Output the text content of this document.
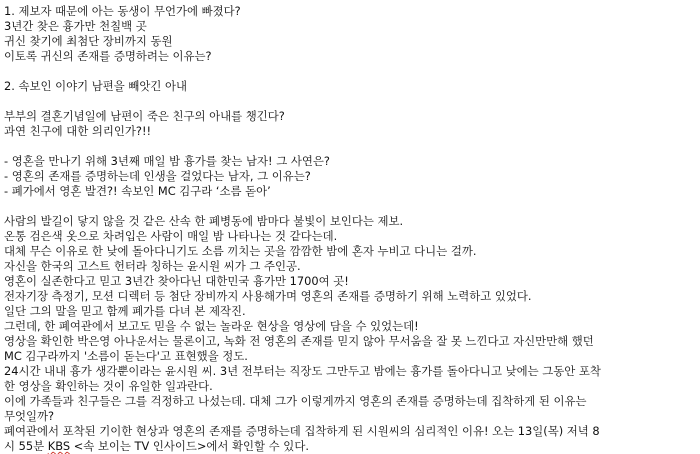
1. 제보자 때문에 아는 동생이 무언가에 빠졌다?
3년간 찾은 흉가만 천칠백 곳
귀신 찾기에 최첨단 장비까지 동원
이토록 귀신의 존재를 증명하려는 이유는?
2. 속보인 이야기 남편을 빼앗긴 아내
부부의 결혼기념일에 남편이 죽은 친구의 아내를 챙긴다?
과연 친구에 대한 의리인가?!!
- 영혼을 만나기 위해 3년째 매일 밤 흉가를 찾는 남자! 그 사연은?
- 영혼의 존재를 증명하는데 인생을 걸었다는 남자, 그 이유는?
- 폐가에서 영혼 발견?! 속보인 MC 김구라 ‘소름 돋아’
사람의 발길이 닿지 않을 것 같은 산속 한 폐병동에 밤마다 불빛이 보인다는 제보.
온통 검은색 옷으로 차려입은 사람이 매일 밤 나타나는 것 같다는데.
대체 무슨 이유로 한 낮에 돌아다니기도 소름 끼치는 곳을 깜깜한 밤에 혼자 누비고 다니는 걸까.
자신을 한국의 고스트 헌터라 칭하는 윤시원 씨가 그 주인공.
영혼이 실존한다고 믿고 3년간 찾아다닌 대한민국 흉가만 1700여 곳!
전자기장 측정기, 모션 디렉터 등 첨단 장비까지 사용해가며 영혼의 존재를 증명하기 위해 노력하고 있었다.
일단 그의 말을 믿고 함께 폐가를 다녀 본 제작진.
그런데, 한 폐여관에서 보고도 믿을 수 없는 놀라운 현상을 영상에 담을 수 있었는데!
영상을 확인한 박은영 아나운서는 물론이고, 녹화 전 영혼의 존재를 믿지 않아 무서움을 잘 못 느낀다고 자신만만해 했던
MC 김구라까지 '소름이 돋는다'고 표현했을 정도.
24시간 내내 흉가 생각뿐이라는 윤시원 씨. 3년 전부터는 직장도 그만두고 밤에는 흉가를 돌아다니고 낮에는 그동안 포착
한 영상을 확인하는 것이 유일한 일과란다.
이에 가족들과 친구들은 그를 걱정하고 나섰는데. 대체 그가 이렇게까지 영혼의 존재를 증명하는데 집착하게 된 이유는
무엇일까?
폐여관에서 포착된 기이한 현상과 영혼의 존재를 증명하는데 집착하게 된 시원씨의 심리적인 이유! 오는 13일(목) 저녁 8
시 55분 KBS <속 보이는 TV 인사이드>에서 확인할 수 있다.
